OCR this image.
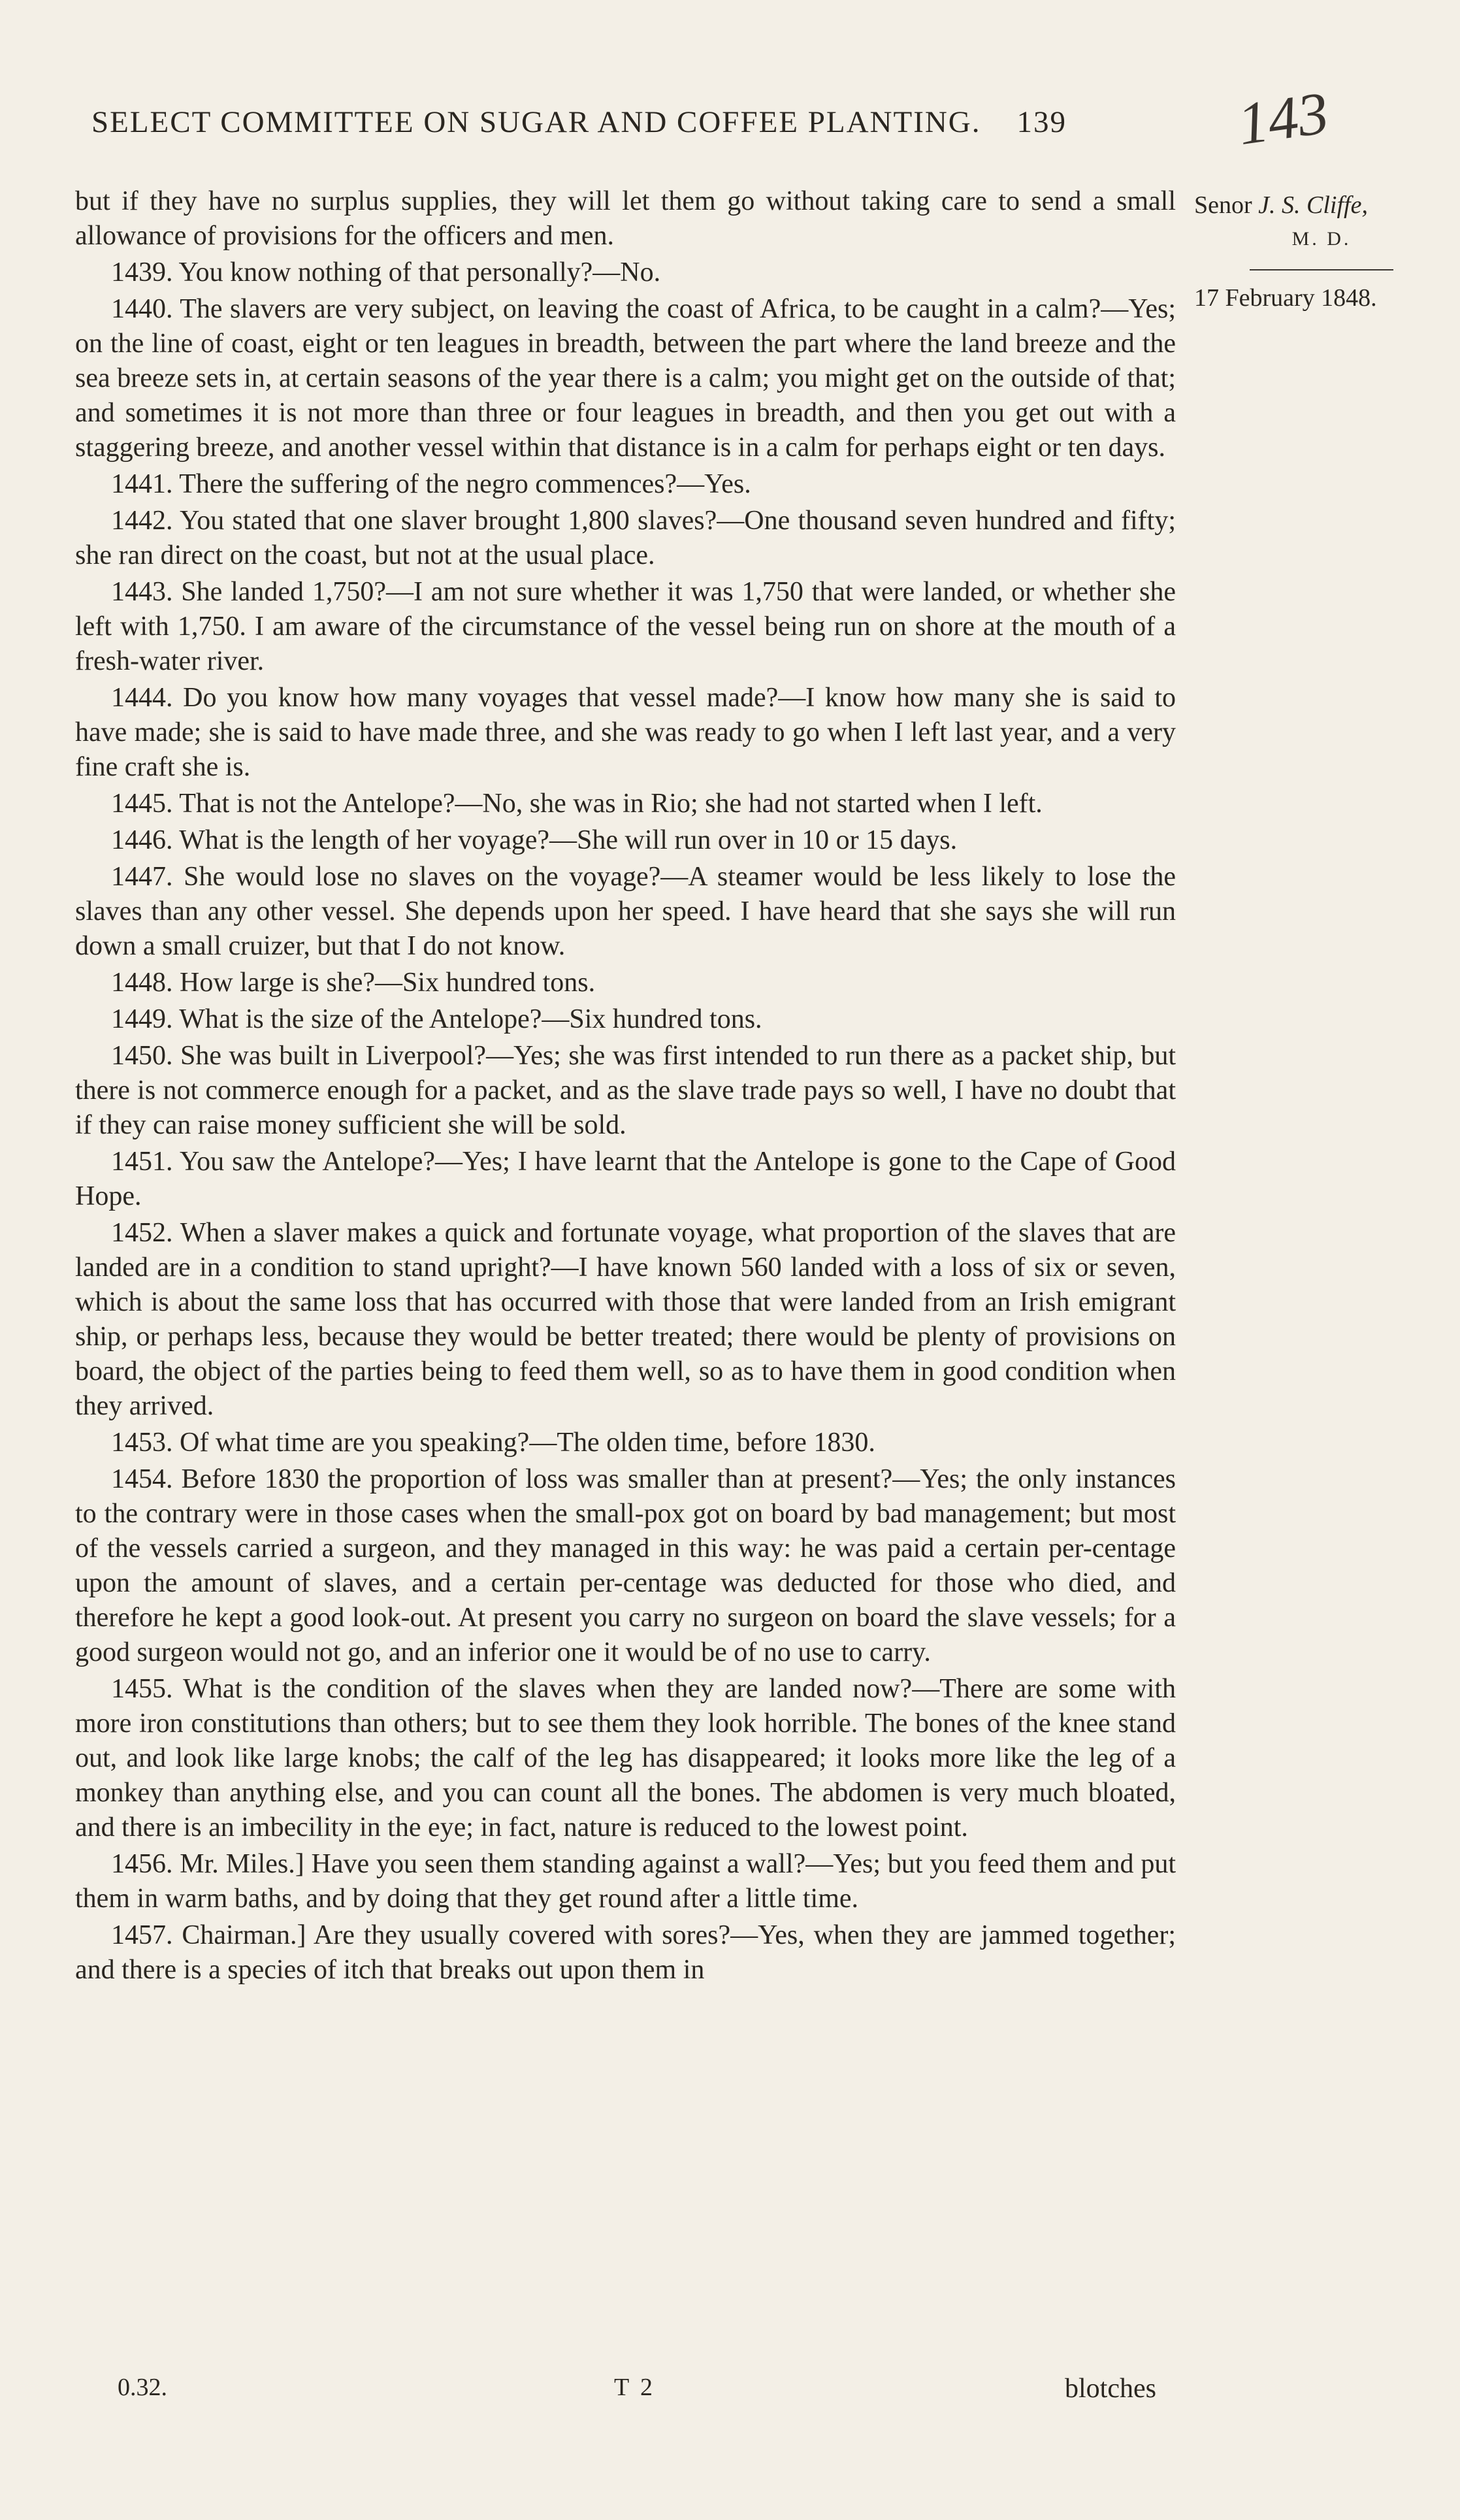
SELECT COMMITTEE ON SUGAR AND COFFEE PLANTING. 139	143
Senor J. S. Cliffe,
M. D.
17 February 1848.

but if they have no surplus supplies, they will let them go without taking care to send a small allowance of provisions for the officers and men.

1439. You know nothing of that personally?—No.

1440. The slavers are very subject, on leaving the coast of Africa, to be caught in a calm?—Yes; on the line of coast, eight or ten leagues in breadth, between the part where the land breeze and the sea breeze sets in, at certain seasons of the year there is a calm; you might get on the outside of that; and sometimes it is not more than three or four leagues in breadth, and then you get out with a staggering breeze, and another vessel within that distance is in a calm for perhaps eight or ten days.

1441. There the suffering of the negro commences?—Yes.

1442. You stated that one slaver brought 1,800 slaves?—One thousand seven hundred and fifty; she ran direct on the coast, but not at the usual place.

1443. She landed 1,750?—I am not sure whether it was 1,750 that were landed, or whether she left with 1,750. I am aware of the circumstance of the vessel being run on shore at the mouth of a fresh-water river.

1444. Do you know how many voyages that vessel made?—I know how many she is said to have made; she is said to have made three, and she was ready to go when I left last year, and a very fine craft she is.

1445. That is not the Antelope?—No, she was in Rio; she had not started when I left.

1446. What is the length of her voyage?—She will run over in 10 or 15 days.

1447. She would lose no slaves on the voyage?—A steamer would be less likely to lose the slaves than any other vessel. She depends upon her speed. I have heard that she says she will run down a small cruizer, but that I do not know.

1448. How large is she?—Six hundred tons.

1449. What is the size of the Antelope?—Six hundred tons.

1450. She was built in Liverpool?—Yes; she was first intended to run there as a packet ship, but there is not commerce enough for a packet, and as the slave trade pays so well, I have no doubt that if they can raise money sufficient she will be sold.

1451. You saw the Antelope?—Yes; I have learnt that the Antelope is gone to the Cape of Good Hope.

1452. When a slaver makes a quick and fortunate voyage, what proportion of the slaves that are landed are in a condition to stand upright?—I have known 560 landed with a loss of six or seven, which is about the same loss that has occurred with those that were landed from an Irish emigrant ship, or perhaps less, because they would be better treated; there would be plenty of provisions on board, the object of the parties being to feed them well, so as to have them in good condition when they arrived.

1453. Of what time are you speaking?—The olden time, before 1830.

1454. Before 1830 the proportion of loss was smaller than at present?—Yes; the only instances to the contrary were in those cases when the small-pox got on board by bad management; but most of the vessels carried a surgeon, and they managed in this way: he was paid a certain per-centage upon the amount of slaves, and a certain per-centage was deducted for those who died, and therefore he kept a good look-out. At present you carry no surgeon on board the slave vessels; for a good surgeon would not go, and an inferior one it would be of no use to carry.

1455. What is the condition of the slaves when they are landed now?—There are some with more iron constitutions than others; but to see them they look horrible. The bones of the knee stand out, and look like large knobs; the calf of the leg has disappeared; it looks more like the leg of a monkey than anything else, and you can count all the bones. The abdomen is very much bloated, and there is an imbecility in the eye; in fact, nature is reduced to the lowest point.

1456. Mr. Miles.] Have you seen them standing against a wall?—Yes; but you feed them and put them in warm baths, and by doing that they get round after a little time.

1457. Chairman.] Are they usually covered with sores?—Yes, when they are jammed together; and there is a species of itch that breaks out upon them in

0.32.	T 2	blotches
